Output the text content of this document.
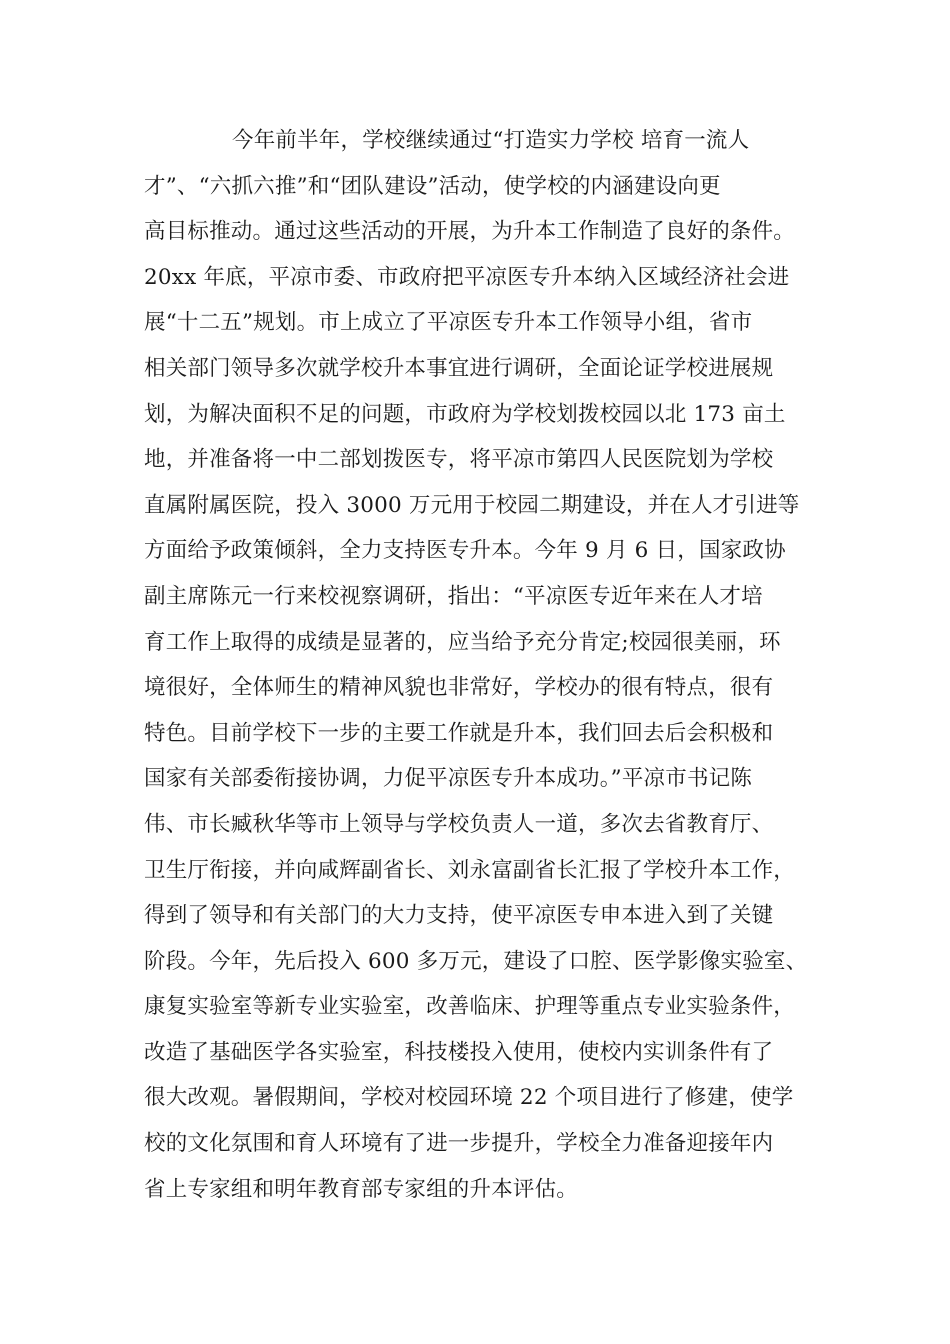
今年前半年，学校继续通过“打造实力学校 培育一流人
才”、“六抓六推”和“团队建设”活动，使学校的内涵建设向更
高目标推动。通过这些活动的开展，为升本工作制造了良好的条件。
20xx 年底，平凉市委、市政府把平凉医专升本纳入区域经济社会进
展“十二五”规划。市上成立了平凉医专升本工作领导小组，省市
相关部门领导多次就学校升本事宜进行调研，全面论证学校进展规
划，为解决面积不足的问题，市政府为学校划拨校园以北 173 亩土
地，并准备将一中二部划拨医专，将平凉市第四人民医院划为学校
直属附属医院，投入 3000 万元用于校园二期建设，并在人才引进等
方面给予政策倾斜，全力支持医专升本。今年 9 月 6 日，国家政协
副主席陈元一行来校视察调研，指出：“平凉医专近年来在人才培
育工作上取得的成绩是显著的，应当给予充分肯定;校园很美丽，环
境很好，全体师生的精神风貌也非常好，学校办的很有特点，很有
特色。目前学校下一步的主要工作就是升本，我们回去后会积极和
国家有关部委衔接协调，力促平凉医专升本成功。”平凉市书记陈
伟、市长臧秋华等市上领导与学校负责人一道，多次去省教育厅、
卫生厅衔接，并向咸辉副省长、刘永富副省长汇报了学校升本工作，
得到了领导和有关部门的大力支持，使平凉医专申本进入到了关键
阶段。今年，先后投入 600 多万元，建设了口腔、医学影像实验室、
康复实验室等新专业实验室，改善临床、护理等重点专业实验条件，
改造了基础医学各实验室，科技楼投入使用，使校内实训条件有了
很大改观。暑假期间，学校对校园环境 22 个项目进行了修建，使学
校的文化氛围和育人环境有了进一步提升，学校全力准备迎接年内
省上专家组和明年教育部专家组的升本评估。
